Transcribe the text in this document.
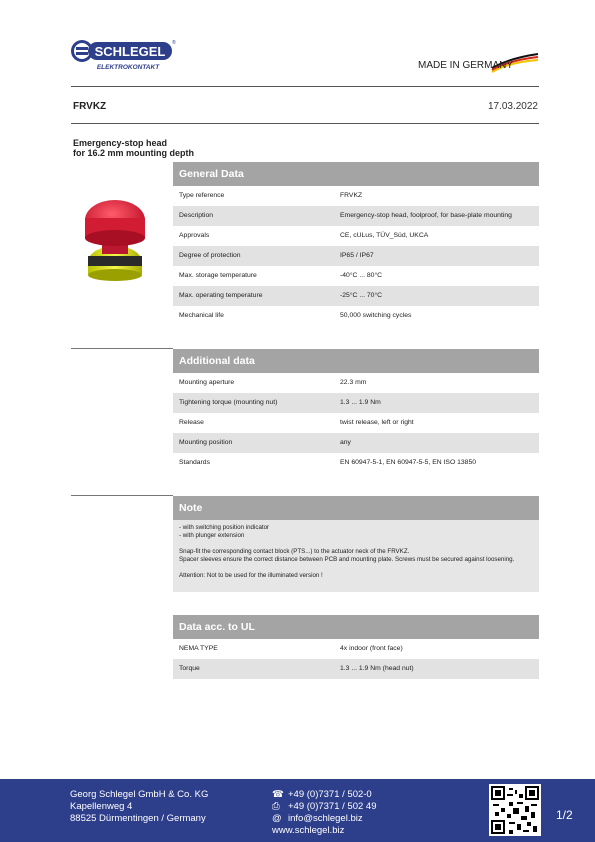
SCHLEGEL
®
ELEKTROKONTAKT	MADE IN GERMANY
FRVKZ	17.03.2022
Emergency-stop head
for 16.2 mm mounting depth
General Data
Type reference	FRVKZ
Description	Emergency-stop head, foolproof, for base-plate mounting
Approvals	CE, cULus, TÜV_Süd, UKCA
Degree of protection	IP65 / IP67
Max. storage temperature	-40°C ... 80°C
Max. operating temperature	-25°C ... 70°C
Mechanical life	50,000 switching cycles
Additional data
Mounting aperture	22.3 mm
Tightening torque (mounting nut)	1.3 ... 1.9 Nm
Release	twist release, left or right
Mounting position	any
Standards	EN 60947-5-1, EN 60947-5-5, EN ISO 13850
Note

- with switching position indicator

- with plunger extension

Snap-fit the corresponding contact block (PTS...) to the actuator neck of the FRVKZ.

Spacer sleeves ensure the correct distance between PCB and mounting plate. Screws must be secured against loosening.

Attention: Not to be used for the illuminated version !

Data acc. to UL
NEMA TYPE	4x indoor (front face)
Torque	1.3 ... 1.9 Nm (head nut)
Georg Schlegel GmbH & Co. KG
Kapellenweg 4
88525 Dürmentingen / Germany
☎ +49 (0)7371 / 502-0
⎙ +49 (0)7371 / 502 49
@ info@schlegel.biz
www.schlegel.biz
1/2
